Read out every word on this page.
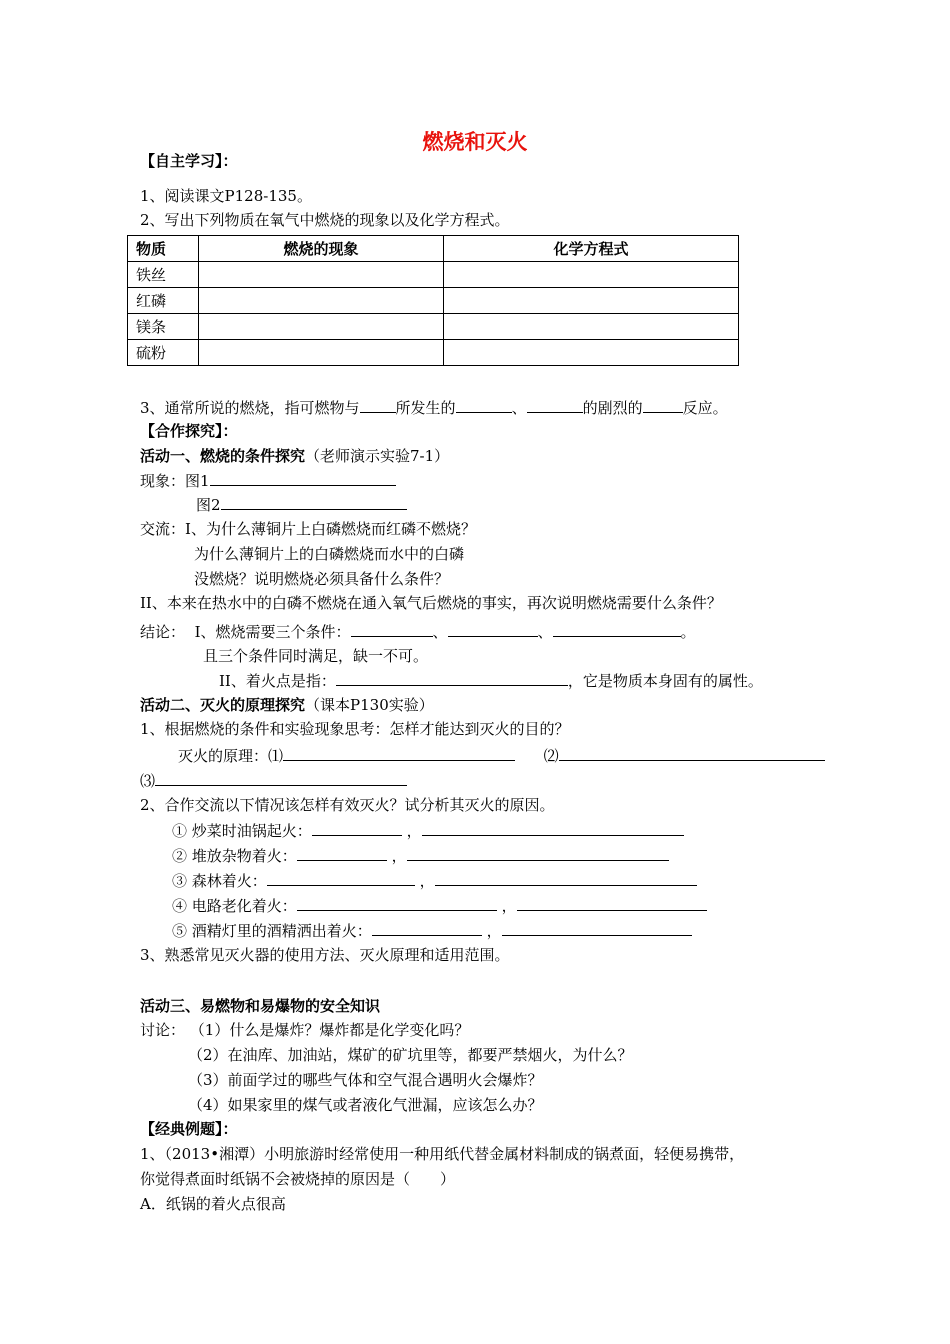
燃烧和灭火
【自主学习】：
1、阅读课文P128-135。
2、写出下列物质在氧气中燃烧的现象以及化学方程式。
物质	燃烧的现象	化学方程式
铁丝		
红磷		
镁条		
硫粉		
3、通常所说的燃烧，指可燃物与 所发生的	、	的剧烈的	反应。
【合作探究】：
活动一、燃烧的条件探究（老师演示实验7-1）
现象：图1
图2
交流：I、为什么薄铜片上白磷燃烧而红磷不燃烧？
为什么薄铜片上的白磷燃烧而水中的白磷
没燃烧？说明燃烧必须具备什么条件？
II、本来在热水中的白磷不燃烧在通入氧气后燃烧的事实，再次说明燃烧需要什么条件？
结论： I、燃烧需要三个条件：	、	、	。
且三个条件同时满足，缺一不可。
II、着火点是指：	，它是物质本身固有的属性。
活动二、灭火的原理探究（课本P130实验）
1、根据燃烧的条件和实验现象思考：怎样才能达到灭火的目的？
灭火的原理：⑴	⑵
⑶
2、合作交流以下情况该怎样有效灭火？试分析其灭火的原因。
① 炒菜时油锅起火：	，
② 堆放杂物着火：	，
③ 森林着火：	，
④ 电路老化着火：	，
⑤ 酒精灯里的酒精洒出着火：	，
3、熟悉常见灭火器的使用方法、灭火原理和适用范围。
活动三、易燃物和易爆物的安全知识
讨论： （1）什么是爆炸？爆炸都是化学变化吗？
（2）在油库、加油站，煤矿的矿坑里等，都要严禁烟火，为什么？
（3）前面学过的哪些气体和空气混合遇明火会爆炸？
（4）如果家里的煤气或者液化气泄漏，应该怎么办？
【经典例题】：
1、（2013•湘潭）小明旅游时经常使用一种用纸代替金属材料制成的锅煮面，轻便易携带，
你觉得煮面时纸锅不会被烧掉的原因是（　　）
A．纸锅的着火点很高
